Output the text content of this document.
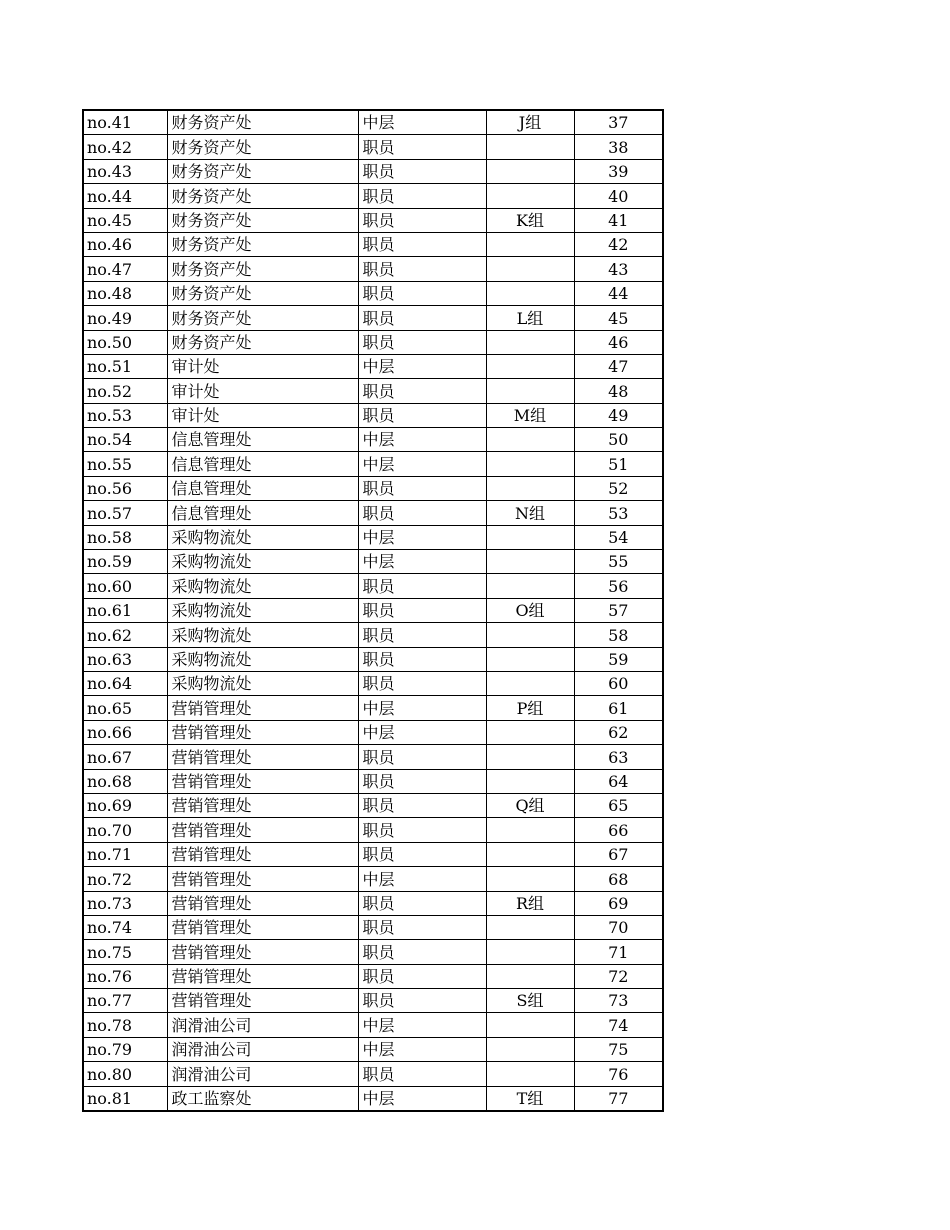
no.41	财务资产处	中层	J组	37
no.42	财务资产处	职员		38
no.43	财务资产处	职员		39
no.44	财务资产处	职员		40
no.45	财务资产处	职员	K组	41
no.46	财务资产处	职员		42
no.47	财务资产处	职员		43
no.48	财务资产处	职员		44
no.49	财务资产处	职员	L组	45
no.50	财务资产处	职员		46
no.51	审计处	中层		47
no.52	审计处	职员		48
no.53	审计处	职员	M组	49
no.54	信息管理处	中层		50
no.55	信息管理处	中层		51
no.56	信息管理处	职员		52
no.57	信息管理处	职员	N组	53
no.58	采购物流处	中层		54
no.59	采购物流处	中层		55
no.60	采购物流处	职员		56
no.61	采购物流处	职员	O组	57
no.62	采购物流处	职员		58
no.63	采购物流处	职员		59
no.64	采购物流处	职员		60
no.65	营销管理处	中层	P组	61
no.66	营销管理处	中层		62
no.67	营销管理处	职员		63
no.68	营销管理处	职员		64
no.69	营销管理处	职员	Q组	65
no.70	营销管理处	职员		66
no.71	营销管理处	职员		67
no.72	营销管理处	中层		68
no.73	营销管理处	职员	R组	69
no.74	营销管理处	职员		70
no.75	营销管理处	职员		71
no.76	营销管理处	职员		72
no.77	营销管理处	职员	S组	73
no.78	润滑油公司	中层		74
no.79	润滑油公司	中层		75
no.80	润滑油公司	职员		76
no.81	政工监察处	中层	T组	77
